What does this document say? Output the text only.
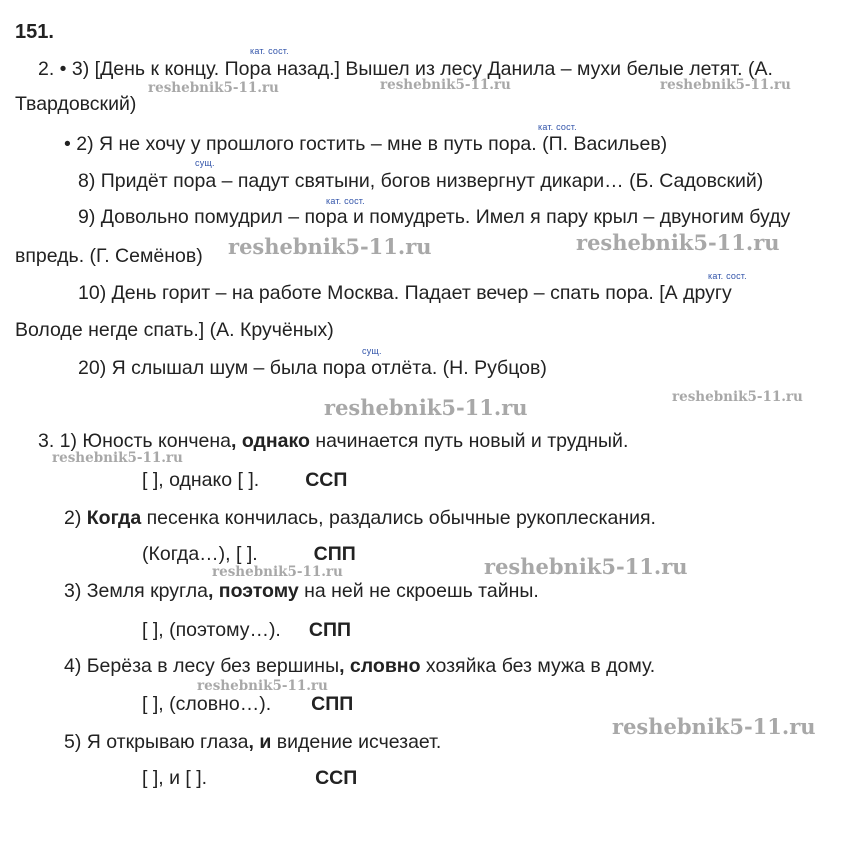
151.
кат. сост.
2. • 3) [День к концу. Пора назад.] Вышел из лесу Данила – мухи белые летят. (А.
Твардовский)
кат. сост.
• 2) Я не хочу у прошлого гостить – мне в путь пора. (П. Васильев)
сущ.
8) Придёт пора – падут святыни, богов низвергнут дикари… (Б. Садовский)
кат. сост.
9) Довольно помудрил – пора и помудреть. Имел я пару крыл – двуногим буду
впредь. (Г. Семёнов)
кат. сост.
10) День горит – на работе Москва. Падает вечер – спать пора. [А другу
Володе негде спать.] (А. Кручёных)
сущ.
20) Я слышал шум – была пора отлёта. (Н. Рубцов)
3. 1) Юность кончена, однако начинается путь новый и трудный.
[ ], однако [ ]. ССП
2) Когда песенка кончилась, раздались обычные рукоплескания.
(Когда…), [ ].	СПП
3) Земля кругла, поэтому на ней не скроешь тайны.
[ ], (поэтому…). СПП
4) Берёза в лесу без вершины, словно хозяйка без мужа в дому.
[ ], (словно…). СПП
5) Я открываю глаза, и видение исчезает.
[ ], и [ ].	ССП
reshebnik5-11.ru	reshebnik5-11.ru	reshebnik5-11.ru
reshebnik5-11.ru	reshebnik5-11.ru
reshebnik5-11.ru	reshebnik5-11.ru
reshebnik5-11.ru
reshebnik5-11.ru
reshebnik5-11.ru
reshebnik5-11.ru
reshebnik5-11.ru
